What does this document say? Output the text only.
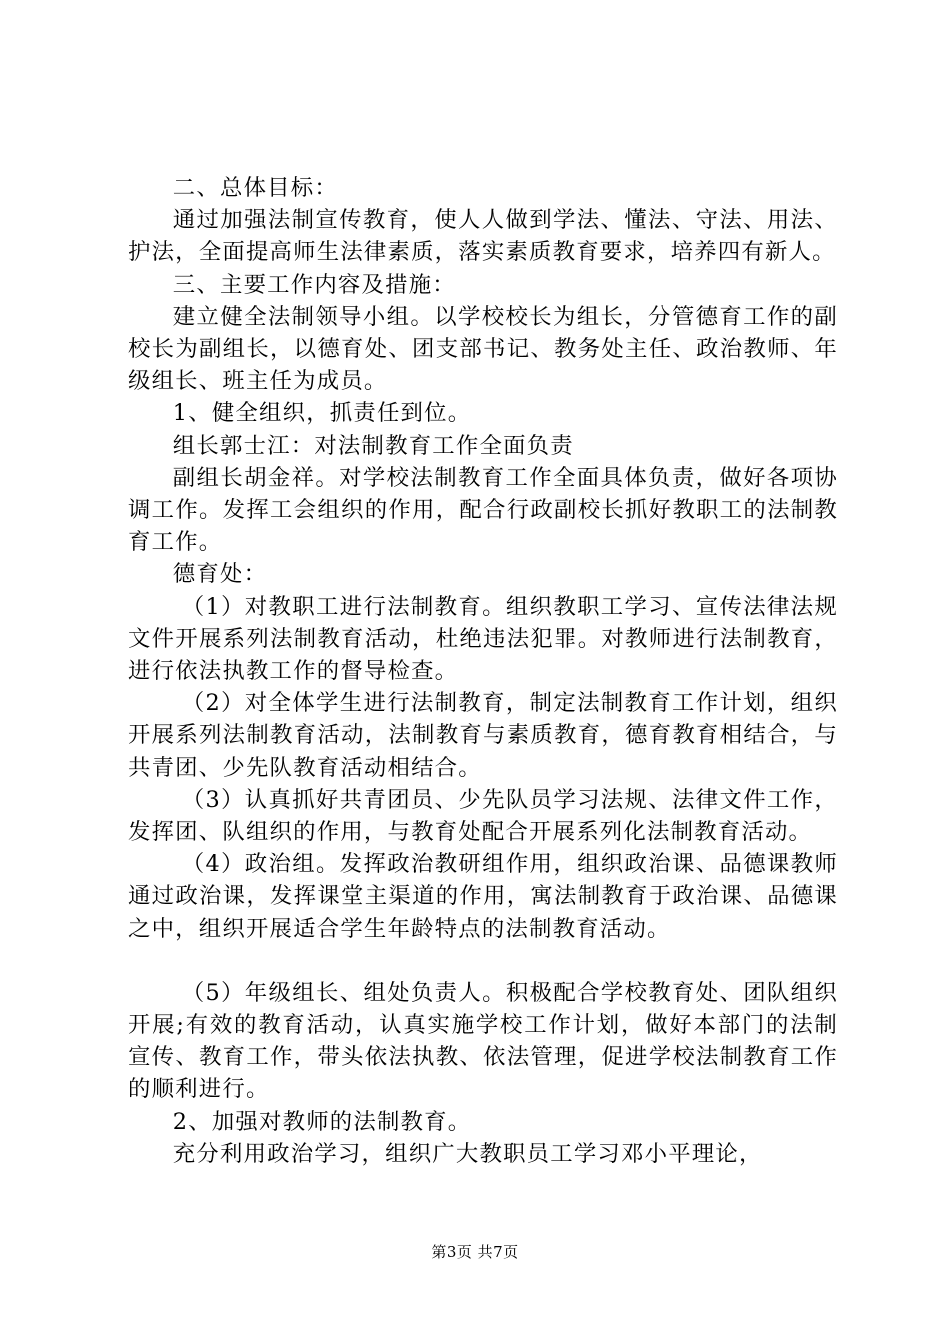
二、总体目标：

通过加强法制宣传教育，使人人做到学法、懂法、守法、用法、护法，全面提高师生法律素质，落实素质教育要求，培养四有新人。

三、主要工作内容及措施：

建立健全法制领导小组。以学校校长为组长，分管德育工作的副校长为副组长，以德育处、团支部书记、教务处主任、政治教师、年级组长、班主任为成员。

1、健全组织，抓责任到位。

组长郭士江：对法制教育工作全面负责

副组长胡金祥。对学校法制教育工作全面具体负责，做好各项协调工作。发挥工会组织的作用，配合行政副校长抓好教职工的法制教育工作。

德育处：

（1）对教职工进行法制教育。组织教职工学习、宣传法律法规文件开展系列法制教育活动，杜绝违法犯罪。对教师进行法制教育，进行依法执教工作的督导检查。

（2）对全体学生进行法制教育，制定法制教育工作计划，组织开展系列法制教育活动，法制教育与素质教育，德育教育相结合，与共青团、少先队教育活动相结合。

（3）认真抓好共青团员、少先队员学习法规、法律文件工作，发挥团、队组织的作用，与教育处配合开展系列化法制教育活动。

（4）政治组。发挥政治教研组作用，组织政治课、品德课教师通过政治课，发挥课堂主渠道的作用，寓法制教育于政治课、品德课之中，组织开展适合学生年龄特点的法制教育活动。

（5）年级组长、组处负责人。积极配合学校教育处、团队组织开展;有效的教育活动，认真实施学校工作计划，做好本部门的法制宣传、教育工作，带头依法执教、依法管理，促进学校法制教育工作的顺利进行。

2、加强对教师的法制教育。

充分利用政治学习，组织广大教职员工学习邓小平理论，

第3页 共7页
